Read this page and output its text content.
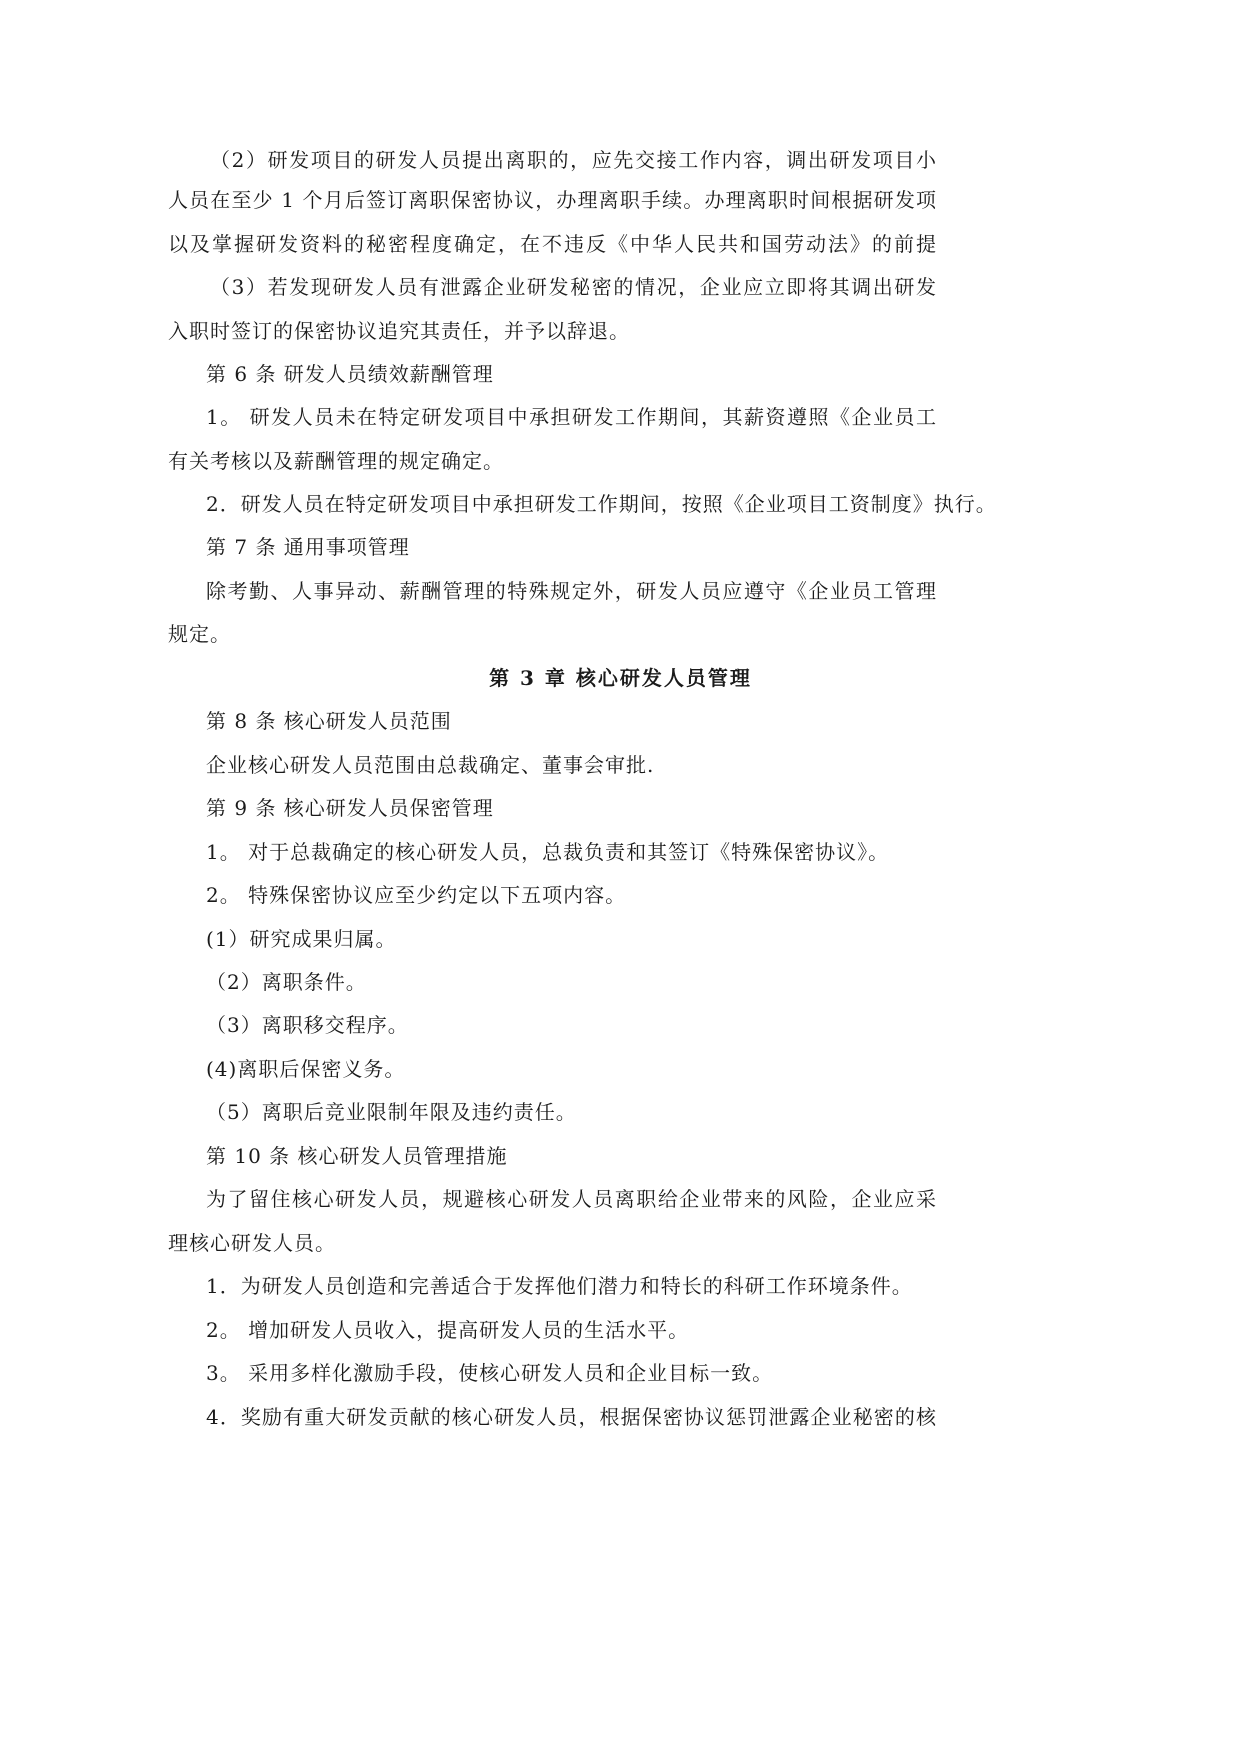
（2）研发项目的研发人员提出离职的，应先交接工作内容，调出研发项目小
人员在至少 1 个月后签订离职保密协议，办理离职手续。办理离职时间根据研发项
以及掌握研发资料的秘密程度确定，在不违反《中华人民共和国劳动法》的前提
（3）若发现研发人员有泄露企业研发秘密的情况，企业应立即将其调出研发
入职时签订的保密协议追究其责任，并予以辞退。
第 6 条 研发人员绩效薪酬管理
1。 研发人员未在特定研发项目中承担研发工作期间，其薪资遵照《企业员工
有关考核以及薪酬管理的规定确定。
2．研发人员在特定研发项目中承担研发工作期间，按照《企业项目工资制度》执行。
第 7 条 通用事项管理
除考勤、人事异动、薪酬管理的特殊规定外，研发人员应遵守《企业员工管理
规定。
第 3 章 核心研发人员管理
第 8 条 核心研发人员范围
企业核心研发人员范围由总裁确定、董事会审批.
第 9 条 核心研发人员保密管理
1。 对于总裁确定的核心研发人员，总裁负责和其签订《特殊保密协议》。
2。 特殊保密协议应至少约定以下五项内容。
(1）研究成果归属。
（2）离职条件。
（3）离职移交程序。
(4)离职后保密义务。
（5）离职后竞业限制年限及违约责任。
第 10 条 核心研发人员管理措施
为了留住核心研发人员，规避核心研发人员离职给企业带来的风险，企业应采
理核心研发人员。
1．为研发人员创造和完善适合于发挥他们潜力和特长的科研工作环境条件。
2。 增加研发人员收入，提高研发人员的生活水平。
3。 采用多样化激励手段，使核心研发人员和企业目标一致。
4．奖励有重大研发贡献的核心研发人员，根据保密协议惩罚泄露企业秘密的核
